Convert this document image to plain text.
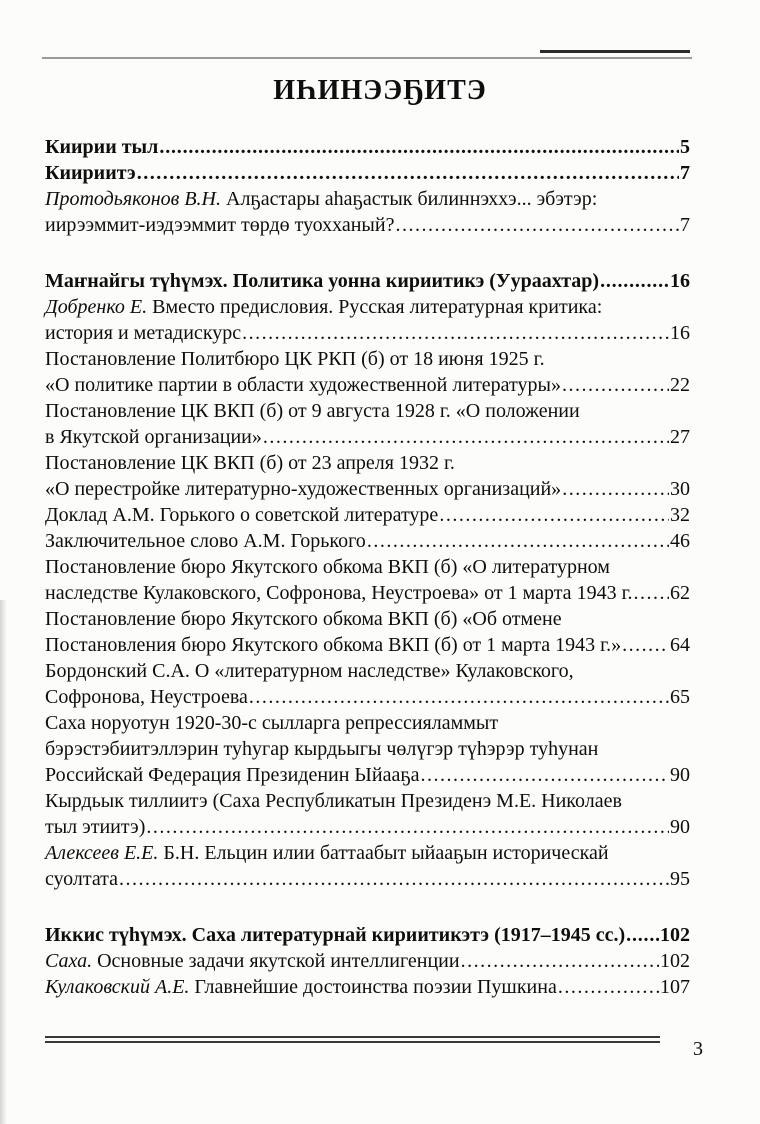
ИҺИНЭЭҔИТЭ
Киирии тыл .....	5
Киириитэ .....	7
Протодьяконов В.Н. Алҕастары аһаҕастык билиннэххэ... эбэтэр:
иирээммит-иэдээммит төрдө туохханый? .....	7
Маҥнайгы түһүмэх. Политика уонна кириитикэ (Уураахтар) .....	16
Добренко Е. Вместо предисловия. Русская литературная критика:
история и метадискурс .....	16
Постановление Политбюро ЦК РКП (б) от 18 июня 1925 г.
«О политике партии в области художественной литературы» .....	22
Постановление ЦК ВКП (б) от 9 августа 1928 г. «О положении
в Якутской организации» .....	27
Постановление ЦК ВКП (б) от 23 апреля 1932 г.
«О перестройке литературно-художественных организаций» .....	30
Доклад А.М. Горького о советской литературе .....	32
Заключительное слово А.М. Горького .....	46
Постановление бюро Якутского обкома ВКП (б) «О литературном
наследстве Кулаковского, Софронова, Неустроева» от 1 марта 1943 г. ..... 62
Постановление бюро Якутского обкома ВКП (б) «Об отмене
Постановления бюро Якутского обкома ВКП (б) от 1 марта 1943 г.» ..... 64
Бордонский С.А. О «литературном наследстве» Кулаковского,
Софронова, Неустроева .....	65
Саха норуотун 1920-30-с сылларга репрессияламмыт
бэрэстэбиитэллэрин туһугар кырдьыгы чөлүгэр түһэрэр туһунан
Российскай Федерация Президенин Ыйааҕа .....	90
Кырдьык тиллиитэ (Саха Республикатын Президенэ М.Е. Николаев
тыл этиитэ) .....	90
Алексеев Е.Е. Б.Н. Ельцин илии баттаабыт ыйааҕын историческай
суолтата .....	95
Иккис түһүмэх. Саха литературнай кириитикэтэ (1917–1945 сс.) ..... 102
Саха. Основные задачи якутской интеллигенции .....	102
Кулаковский А.Е. Главнейшие достоинства поэзии Пушкина .....	107
3
